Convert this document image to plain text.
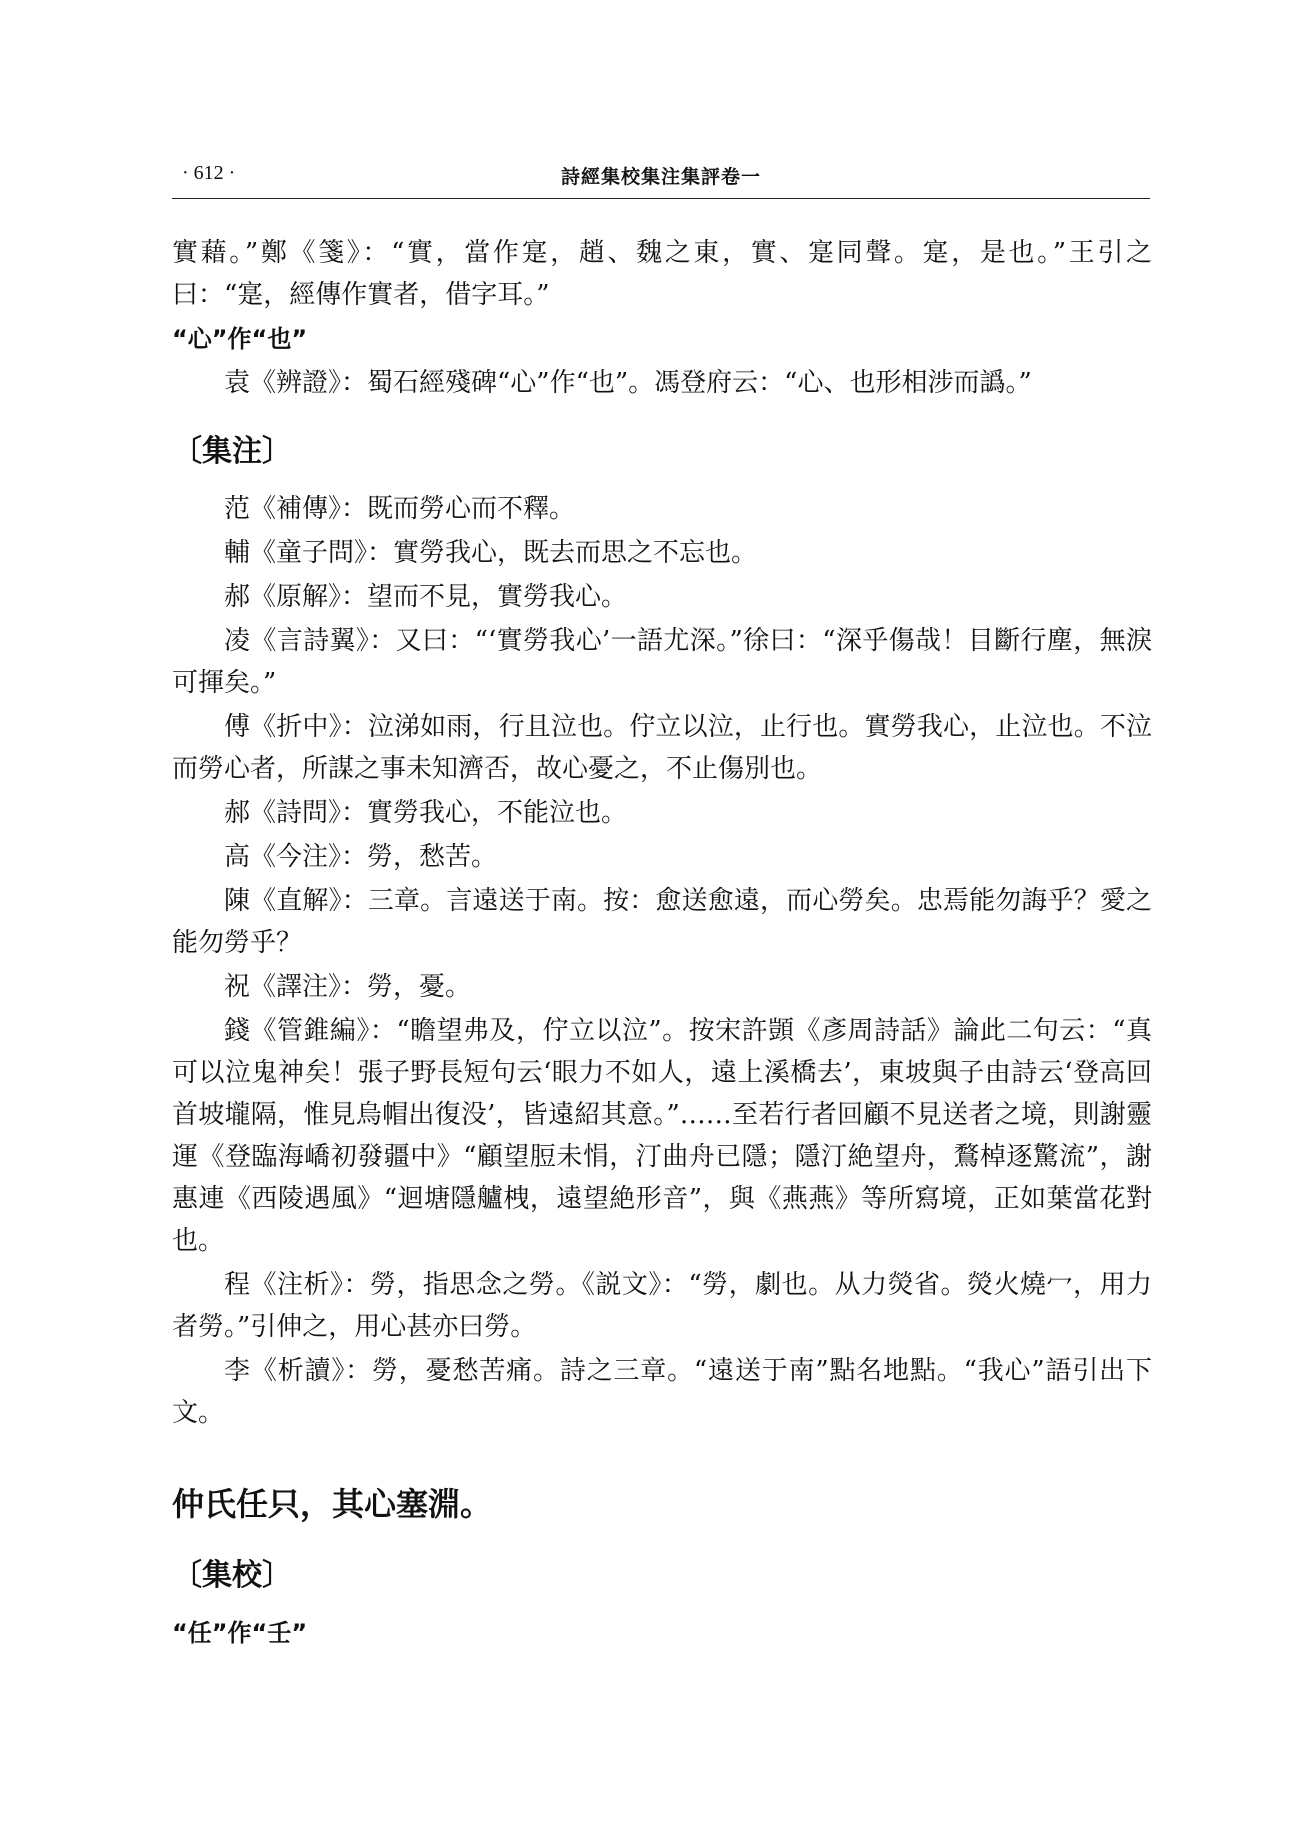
· 612 ·	詩經集校集注集評卷一

實藉。”鄭《箋》：“實，當作寔，趙、魏之東，實、寔同聲。寔，是也。”王引之曰：“寔，經傳作實者，借字耳。”

“心”作“也”

袁《辨證》：蜀石經殘碑“心”作“也”。馮登府云：“心、也形相涉而譌。”

〔集注〕

范《補傳》：既而勞心而不釋。

輔《童子問》：實勞我心，既去而思之不忘也。

郝《原解》：望而不見，實勞我心。

凌《言詩翼》：又曰：“‘實勞我心’一語尤深。”徐曰：“深乎傷哉！目斷行塵，無淚可揮矣。”

傅《折中》：泣涕如雨，行且泣也。佇立以泣，止行也。實勞我心，止泣也。不泣而勞心者，所謀之事未知濟否，故心憂之，不止傷別也。

郝《詩問》：實勞我心，不能泣也。

高《今注》：勞，愁苦。

陳《直解》：三章。言遠送于南。按：愈送愈遠，而心勞矣。忠焉能勿誨乎？愛之能勿勞乎？

祝《譯注》：勞，憂。

錢《管錐編》：“瞻望弗及，佇立以泣”。按宋許顗《彥周詩話》論此二句云：“真可以泣鬼神矣！張子野長短句云‘眼力不如人，遠上溪橋去’，東坡與子由詩云‘登高回首坡壠隔，惟見烏帽出復没’，皆遠紹其意。”……至若行者回顧不見送者之境，則謝靈運《登臨海嶠初發疆中》“顧望脰未悁，汀曲舟已隱；隱汀絶望舟，鶩棹逐驚流”，謝惠連《西陵遇風》“迴塘隱艫栧，遠望絶形音”，與《燕燕》等所寫境，正如葉當花對也。

程《注析》：勞，指思念之勞。《説文》：“勞，劇也。从力熒省。熒火燒冖，用力者勞。”引伸之，用心甚亦曰勞。

李《析讀》：勞，憂愁苦痛。詩之三章。“遠送于南”點名地點。“我心”語引出下文。

仲氏任只，其心塞淵。
〔集校〕

“任”作“壬”
